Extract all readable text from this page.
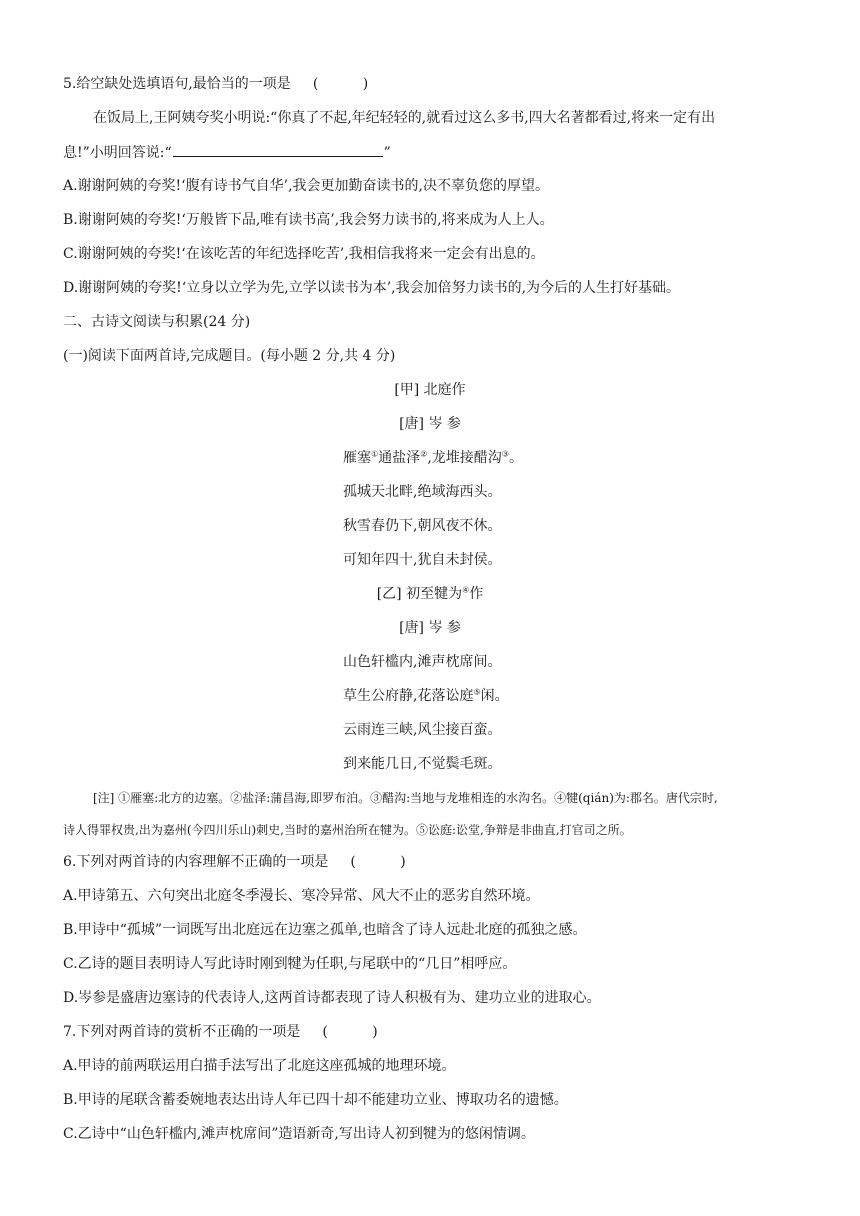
5.给空缺处选填语句,最恰当的一项是 ( )
在饭局上,王阿姨夸奖小明说:“你真了不起,年纪轻轻的,就看过这么多书,四大名著都看过,将来一定有出
息!”小明回答说:“	”
A.谢谢阿姨的夸奖!‘腹有诗书气自华’,我会更加勤奋读书的,决不辜负您的厚望。
B.谢谢阿姨的夸奖!‘万般皆下品,唯有读书高’,我会努力读书的,将来成为人上人。
C.谢谢阿姨的夸奖!‘在该吃苦的年纪选择吃苦’,我相信我将来一定会有出息的。
D.谢谢阿姨的夸奖!‘立身以立学为先,立学以读书为本’,我会加倍努力读书的,为今后的人生打好基础。
二、古诗文阅读与积累(24 分)
(一)阅读下面两首诗,完成题目。(每小题 2 分,共 4 分)
[甲] 北庭作
[唐] 岑 参
雁塞①通盐泽②,龙堆接醋沟③。
孤城天北畔,绝域海西头。
秋雪春仍下,朝风夜不休。
可知年四十,犹自未封侯。
[乙] 初至犍为④作
[唐] 岑 参
山色轩槛内,滩声枕席间。
草生公府静,花落讼庭⑤闲。
云雨连三峡,风尘接百蛮。
到来能几日,不觉鬓毛斑。
[注] ①雁塞:北方的边塞。②盐泽:蒲昌海,即罗布泊。③醋沟:当地与龙堆相连的水沟名。④犍(qián)为:郡名。唐代宗时,
诗人得罪权贵,出为嘉州(今四川乐山)刺史,当时的嘉州治所在犍为。⑤讼庭:讼堂,争辩是非曲直,打官司之所。
6.下列对两首诗的内容理解不正确的一项是 ( )
A.甲诗第五、六句突出北庭冬季漫长、寒冷异常、风大不止的恶劣自然环境。
B.甲诗中“孤城”一词既写出北庭远在边塞之孤单,也暗含了诗人远赴北庭的孤独之感。
C.乙诗的题目表明诗人写此诗时刚到犍为任职,与尾联中的“几日”相呼应。
D.岑参是盛唐边塞诗的代表诗人,这两首诗都表现了诗人积极有为、建功立业的进取心。
7.下列对两首诗的赏析不正确的一项是 ( )
A.甲诗的前两联运用白描手法写出了北庭这座孤城的地理环境。
B.甲诗的尾联含蓄委婉地表达出诗人年已四十却不能建功立业、博取功名的遗憾。
C.乙诗中“山色轩槛内,滩声枕席间”造语新奇,写出诗人初到犍为的悠闲情调。
